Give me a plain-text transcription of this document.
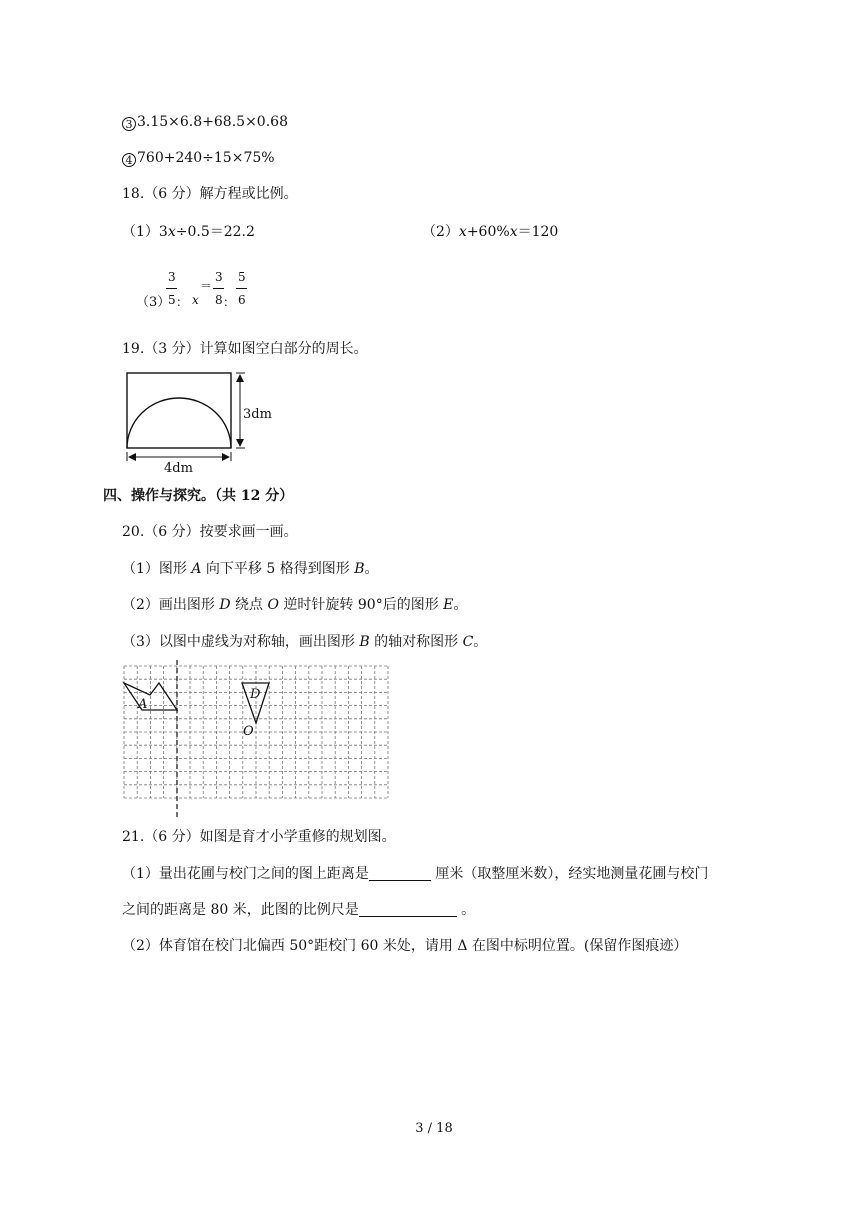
3 3.15×6.8+68.5×0.68
4 760+240÷15×75%
18.（6 分）解方程或比例。
（1）3x÷0.5＝22.2	（2）x+60%x＝120
3
（3）
5 ： x
＝
3
8 ：
5
6
19.（3 分）计算如图空白部分的周长。
3dm
4dm
四、操作与探究。（共 12 分）
20.（6 分）按要求画一画。
（1）图形 A 向下平移 5 格得到图形 B。
（2）画出图形 D 绕点 O 逆时针旋转 90°后的图形 E。
（3）以图中虚线为对称轴，画出图形 B 的轴对称图形 C。
A
D
O
21.（6 分）如图是育才小学重修的规划图。
（1）量出花圃与校门之间的图上距离是	厘米（取整厘米数），经实地测量花圃与校门
之间的距离是 80 米，此图的比例尺是	。
（2）体育馆在校门北偏西 50°距校门 60 米处，请用 Δ 在图中标明位置。(保留作图痕迹）
3 / 18
